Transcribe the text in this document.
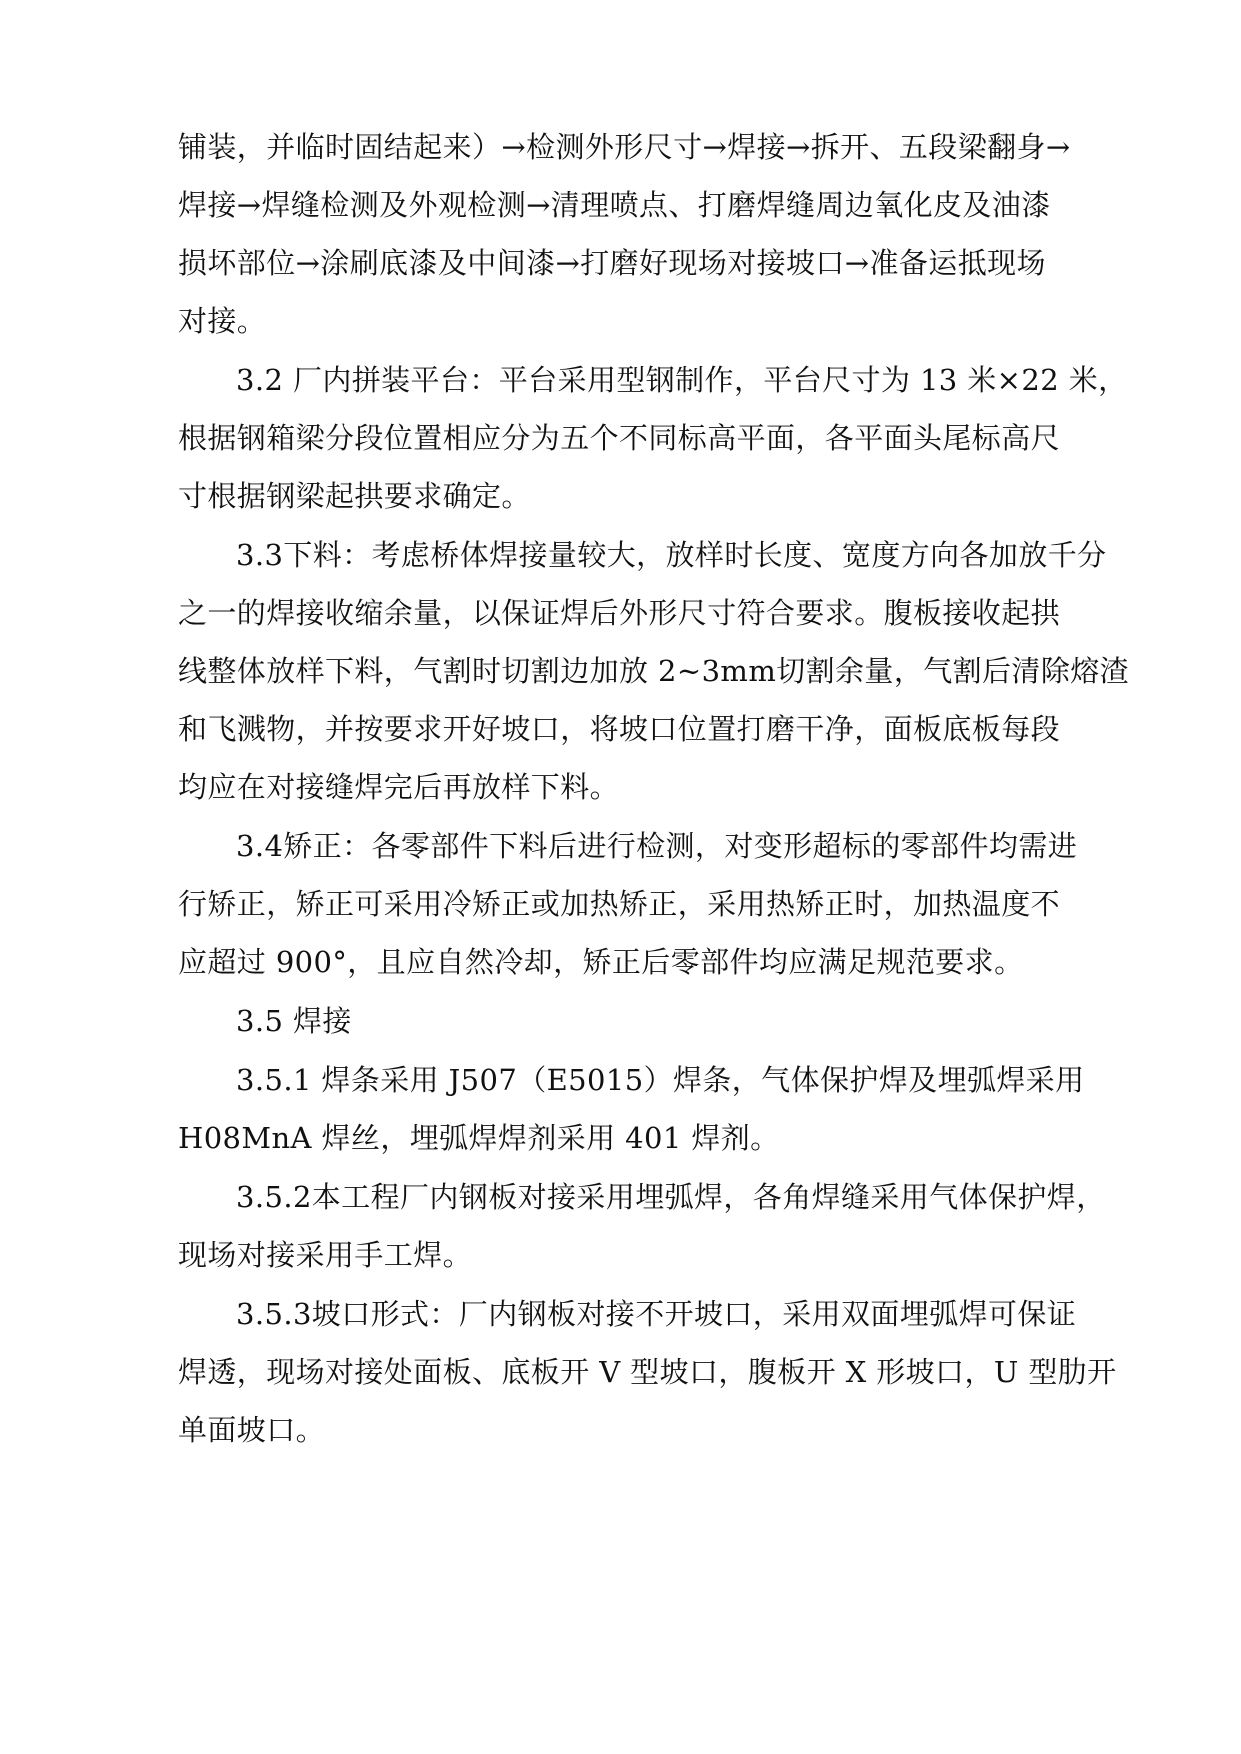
铺装，并临时固结起来）→检测外形尺寸→焊接→拆开、五段梁翻身→
焊接→焊缝检测及外观检测→清理喷点、打磨焊缝周边氧化皮及油漆
损坏部位→涂刷底漆及中间漆→打磨好现场对接坡口→准备运抵现场
对接。
3.2 厂内拼装平台：平台采用型钢制作，平台尺寸为 13 米×22 米，
根据钢箱梁分段位置相应分为五个不同标高平面，各平面头尾标高尺
寸根据钢梁起拱要求确定。
3.3下料：考虑桥体焊接量较大，放样时长度、宽度方向各加放千分
之一的焊接收缩余量，以保证焊后外形尺寸符合要求。腹板接收起拱
线整体放样下料，气割时切割边加放 2~3mm切割余量，气割后清除熔渣
和飞溅物，并按要求开好坡口，将坡口位置打磨干净，面板底板每段
均应在对接缝焊完后再放样下料。
3.4矫正：各零部件下料后进行检测，对变形超标的零部件均需进
行矫正，矫正可采用冷矫正或加热矫正，采用热矫正时，加热温度不
应超过 900°，且应自然冷却，矫正后零部件均应满足规范要求。
3.5 焊接
3.5.1 焊条采用 J507（E5015）焊条，气体保护焊及埋弧焊采用
H08MnA 焊丝，埋弧焊焊剂采用 401 焊剂。
3.5.2本工程厂内钢板对接采用埋弧焊，各角焊缝采用气体保护焊，
现场对接采用手工焊。
3.5.3坡口形式：厂内钢板对接不开坡口，采用双面埋弧焊可保证
焊透，现场对接处面板、底板开 V 型坡口，腹板开 X 形坡口，U 型肋开
单面坡口。
